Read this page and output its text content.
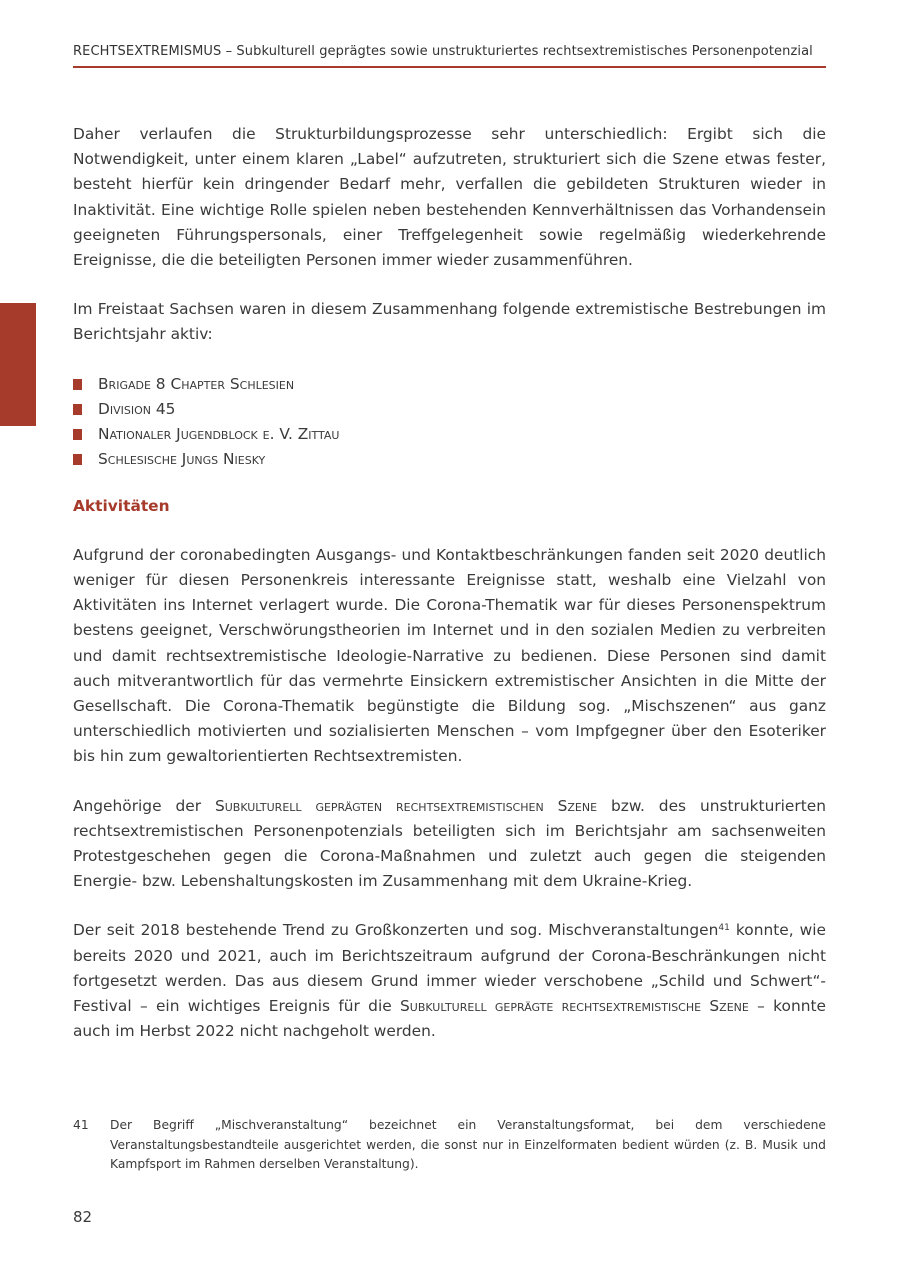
RECHTSEXTREMISMUS – Subkulturell geprägtes sowie unstrukturiertes rechtsextremistisches Personenpotenzial

Daher verlaufen die Strukturbildungsprozesse sehr unterschiedlich: Ergibt sich die Notwendigkeit, unter einem klaren „Label“ aufzutreten, strukturiert sich die Szene etwas fester, besteht hierfür kein dringender Bedarf mehr, verfallen die gebildeten Strukturen wieder in Inaktivität. Eine wichtige Rolle spielen neben bestehenden Kennverhältnissen das Vorhandensein geeigneten Führungspersonals, einer Treffgelegenheit sowie regelmäßig wiederkehrende Ereignisse, die die beteiligten Personen immer wieder zusammenführen.

Im Freistaat Sachsen waren in diesem Zusammenhang folgende extremistische Bestrebungen im Berichtsjahr aktiv:

Brigade 8 Chapter Schlesien
Division 45
Nationaler Jugendblock e. V. Zittau
Schlesische Jungs Niesky
Aktivitäten

Aufgrund der coronabedingten Ausgangs- und Kontaktbeschränkungen fanden seit 2020 deutlich weniger für diesen Personenkreis interessante Ereignisse statt, weshalb eine Vielzahl von Aktivitäten ins Internet verlagert wurde. Die Corona-Thematik war für dieses Personenspektrum bestens geeignet, Verschwörungstheorien im Internet und in den sozialen Medien zu verbreiten und damit rechtsextremistische Ideologie-Narrative zu bedienen. Diese Personen sind damit auch mitverantwortlich für das vermehrte Einsickern extremistischer Ansichten in die Mitte der Gesellschaft. Die Corona-Thematik begünstigte die Bildung sog. „Mischszenen“ aus ganz unterschiedlich motivierten und sozialisierten Menschen – vom Impfgegner über den Esoteriker bis hin zum gewaltorientierten Rechtsextremisten.

Angehörige der Subkulturell geprägten rechtsextremistischen Szene bzw. des unstrukturierten rechtsextremistischen Personenpotenzials beteiligten sich im Berichtsjahr am sachsenweiten Protestgeschehen gegen die Corona-Maßnahmen und zuletzt auch gegen die steigenden Energie- bzw. Lebenshaltungskosten im Zusammenhang mit dem Ukraine-Krieg.

Der seit 2018 bestehende Trend zu Großkonzerten und sog. Mischveranstaltungen$^{41}$ konnte, wie bereits 2020 und 2021, auch im Berichtszeitraum aufgrund der Corona-Beschränkungen nicht fortgesetzt werden. Das aus diesem Grund immer wieder verschobene „Schild und Schwert“-Festival – ein wichtiges Ereignis für die Subkulturell geprägte rechtsextremistische Szene – konnte auch im Herbst 2022 nicht nachgeholt werden.

41 Der Begriff „Mischveranstaltung“ bezeichnet ein Veranstaltungsformat, bei dem verschiedene Veranstaltungsbestandteile ausgerichtet werden, die sonst nur in Einzelformaten bedient würden (z. B. Musik und Kampfsport im Rahmen derselben Veranstaltung).
82
